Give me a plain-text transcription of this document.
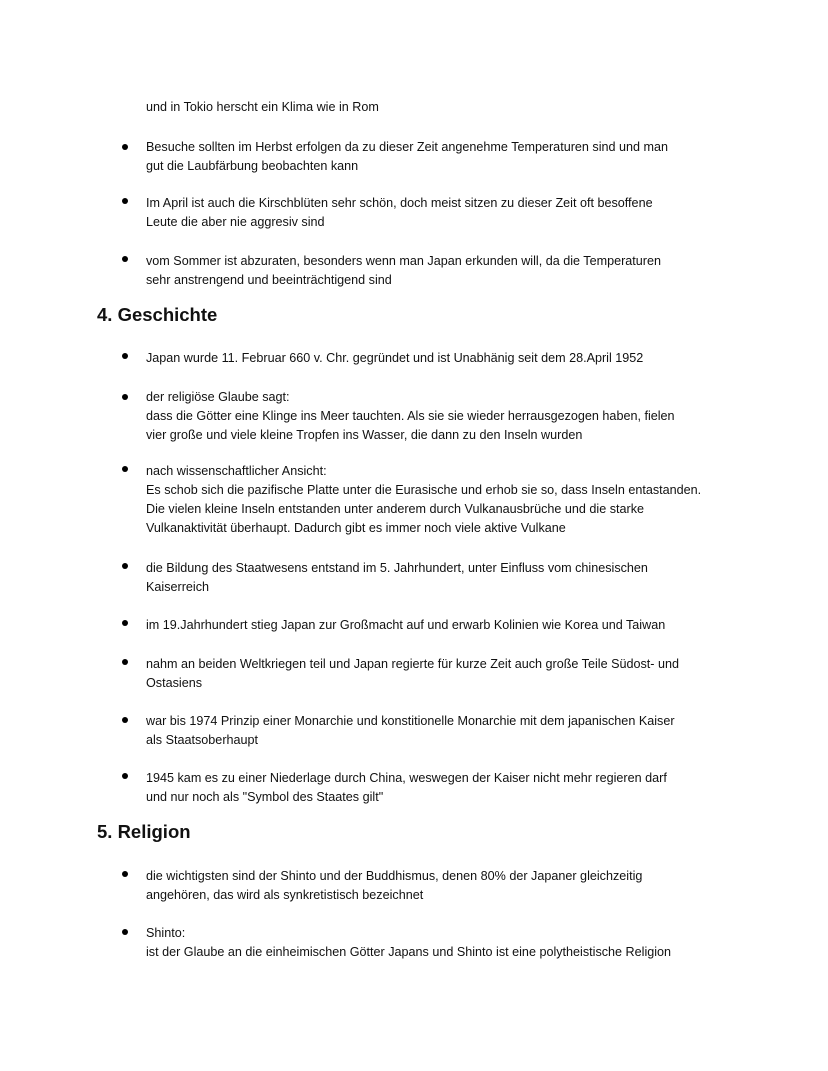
und in Tokio herscht ein Klima wie in Rom

Besuche sollten im Herbst erfolgen da zu dieser Zeit angenehme Temperaturen sind und man
gut die Laubfärbung beobachten kann

Im April ist auch die Kirschblüten sehr schön, doch meist sitzen zu dieser Zeit oft besoffene
Leute die aber nie aggresiv sind

vom Sommer ist abzuraten, besonders wenn man Japan erkunden will, da die Temperaturen
sehr anstrengend und beeinträchtigend sind

4. Geschichte

Japan wurde 11. Februar 660 v. Chr. gegründet und ist Unabhänig seit dem 28.April 1952

der religiöse Glaube sagt:
dass die Götter eine Klinge ins Meer tauchten. Als sie sie wieder herrausgezogen haben, fielen
vier große und viele kleine Tropfen ins Wasser, die dann zu den Inseln wurden

nach wissenschaftlicher Ansicht:
Es schob sich die pazifische Platte unter die Eurasische und erhob sie so, dass Inseln entastanden.
Die vielen kleine Inseln entstanden unter anderem durch Vulkanausbrüche und die starke
Vulkanaktivität überhaupt. Dadurch gibt es immer noch viele aktive Vulkane

die Bildung des Staatwesens entstand im 5. Jahrhundert, unter Einfluss vom chinesischen
Kaiserreich

im 19.Jahrhundert stieg Japan zur Großmacht auf und erwarb Kolinien wie Korea und Taiwan

nahm an beiden Weltkriegen teil und Japan regierte für kurze Zeit auch große Teile Südost- und
Ostasiens

war bis 1974 Prinzip einer Monarchie und konstitionelle Monarchie mit dem japanischen Kaiser
als Staatsoberhaupt

1945 kam es zu einer Niederlage durch China, weswegen der Kaiser nicht mehr regieren darf
und nur noch als "Symbol des Staates gilt"

5. Religion

die wichtigsten sind der Shinto und der Buddhismus, denen 80% der Japaner gleichzeitig
angehören, das wird als synkretistisch bezeichnet

Shinto:
ist der Glaube an die einheimischen Götter Japans und Shinto ist eine polytheistische Religion
